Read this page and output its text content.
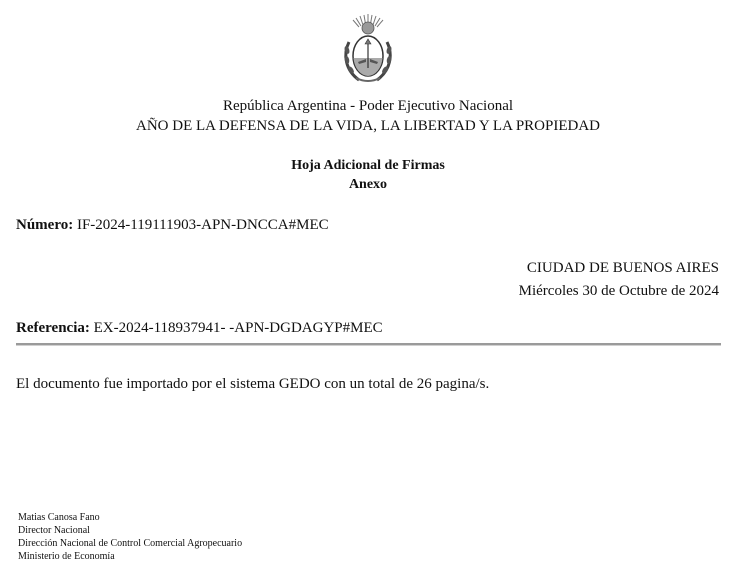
República Argentina - Poder Ejecutivo Nacional
AÑO DE LA DEFENSA DE LA VIDA, LA LIBERTAD Y LA PROPIEDAD
Hoja Adicional de Firmas
Anexo
Número: IF-2024-119111903-APN-DNCCA#MEC
CIUDAD DE BUENOS AIRES
Miércoles 30 de Octubre de 2024
Referencia: EX-2024-118937941- -APN-DGDAGYP#MEC
El documento fue importado por el sistema GEDO con un total de 26 pagina/s.
Matias Canosa Fano
Director Nacional
Dirección Nacional de Control Comercial Agropecuario
Ministerio de Economía
